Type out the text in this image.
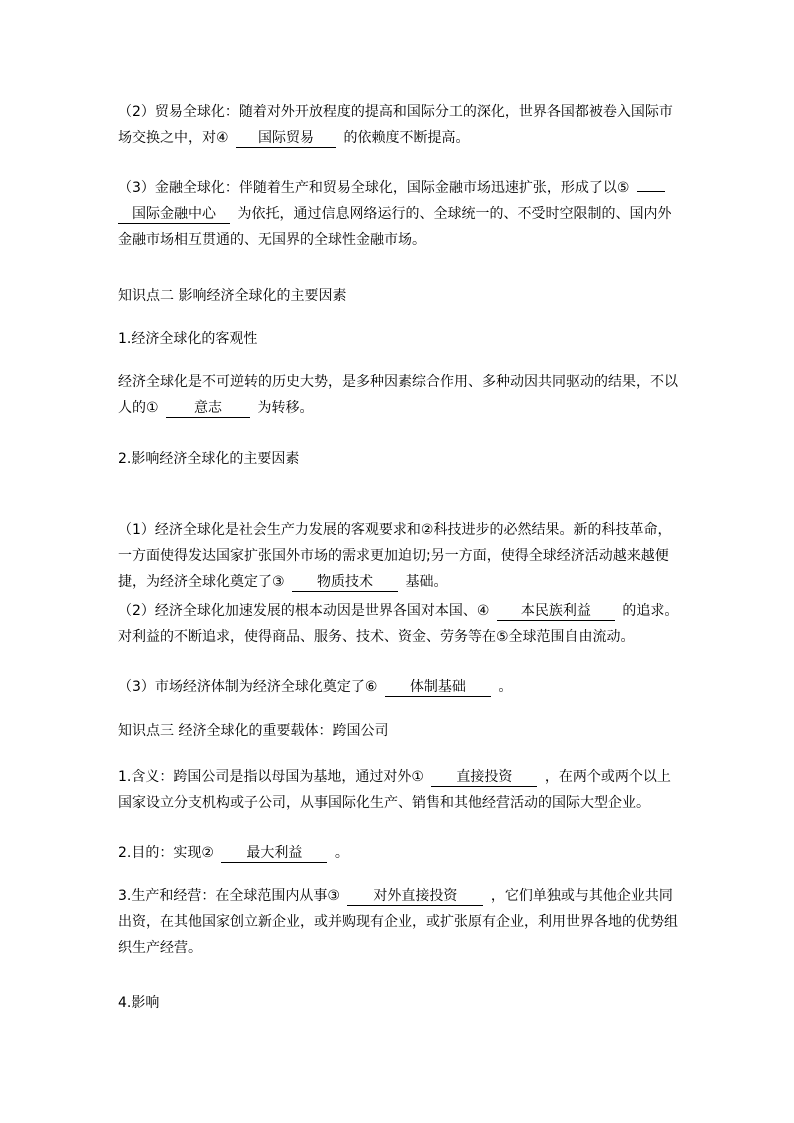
（2）贸易全球化：随着对外开放程度的提高和国际分工的深化，世界各国都被卷入国际市
场交换之中，对④ 国际贸易 的依赖度不断提高。
（3）金融全球化：伴随着生产和贸易全球化，国际金融市场迅速扩张，形成了以⑤
国际金融中心 为依托，通过信息网络运行的、全球统一的、不受时空限制的、国内外
金融市场相互贯通的、无国界的全球性金融市场。
知识点二 影响经济全球化的主要因素
1.经济全球化的客观性
经济全球化是不可逆转的历史大势，是多种因素综合作用、多种动因共同驱动的结果，不以
人的①	意志	为转移。
2.影响经济全球化的主要因素
（1）经济全球化是社会生产力发展的客观要求和②科技进步的必然结果。新的科技革命，
一方面使得发达国家扩张国外市场的需求更加迫切;另一方面，使得全球经济活动越来越便
捷，为经济全球化奠定了③ 物质技术 基础。
（2）经济全球化加速发展的根本动因是世界各国对本国、④ 本民族利益 的追求。
对利益的不断追求，使得商品、服务、技术、资金、劳务等在⑤全球范围自由流动。
（3）市场经济体制为经济全球化奠定了⑥ 体制基础 。
知识点三 经济全球化的重要载体：跨国公司
1.含义：跨国公司是指以母国为基地，通过对外① 直接投资 ，在两个或两个以上
国家设立分支机构或子公司，从事国际化生产、销售和其他经营活动的国际大型企业。
2.目的：实现② 最大利益 。
3.生产和经营：在全球范围内从事③ 对外直接投资 ，它们单独或与其他企业共同
出资，在其他国家创立新企业，或并购现有企业，或扩张原有企业，利用世界各地的优势组
织生产经营。
4.影响
